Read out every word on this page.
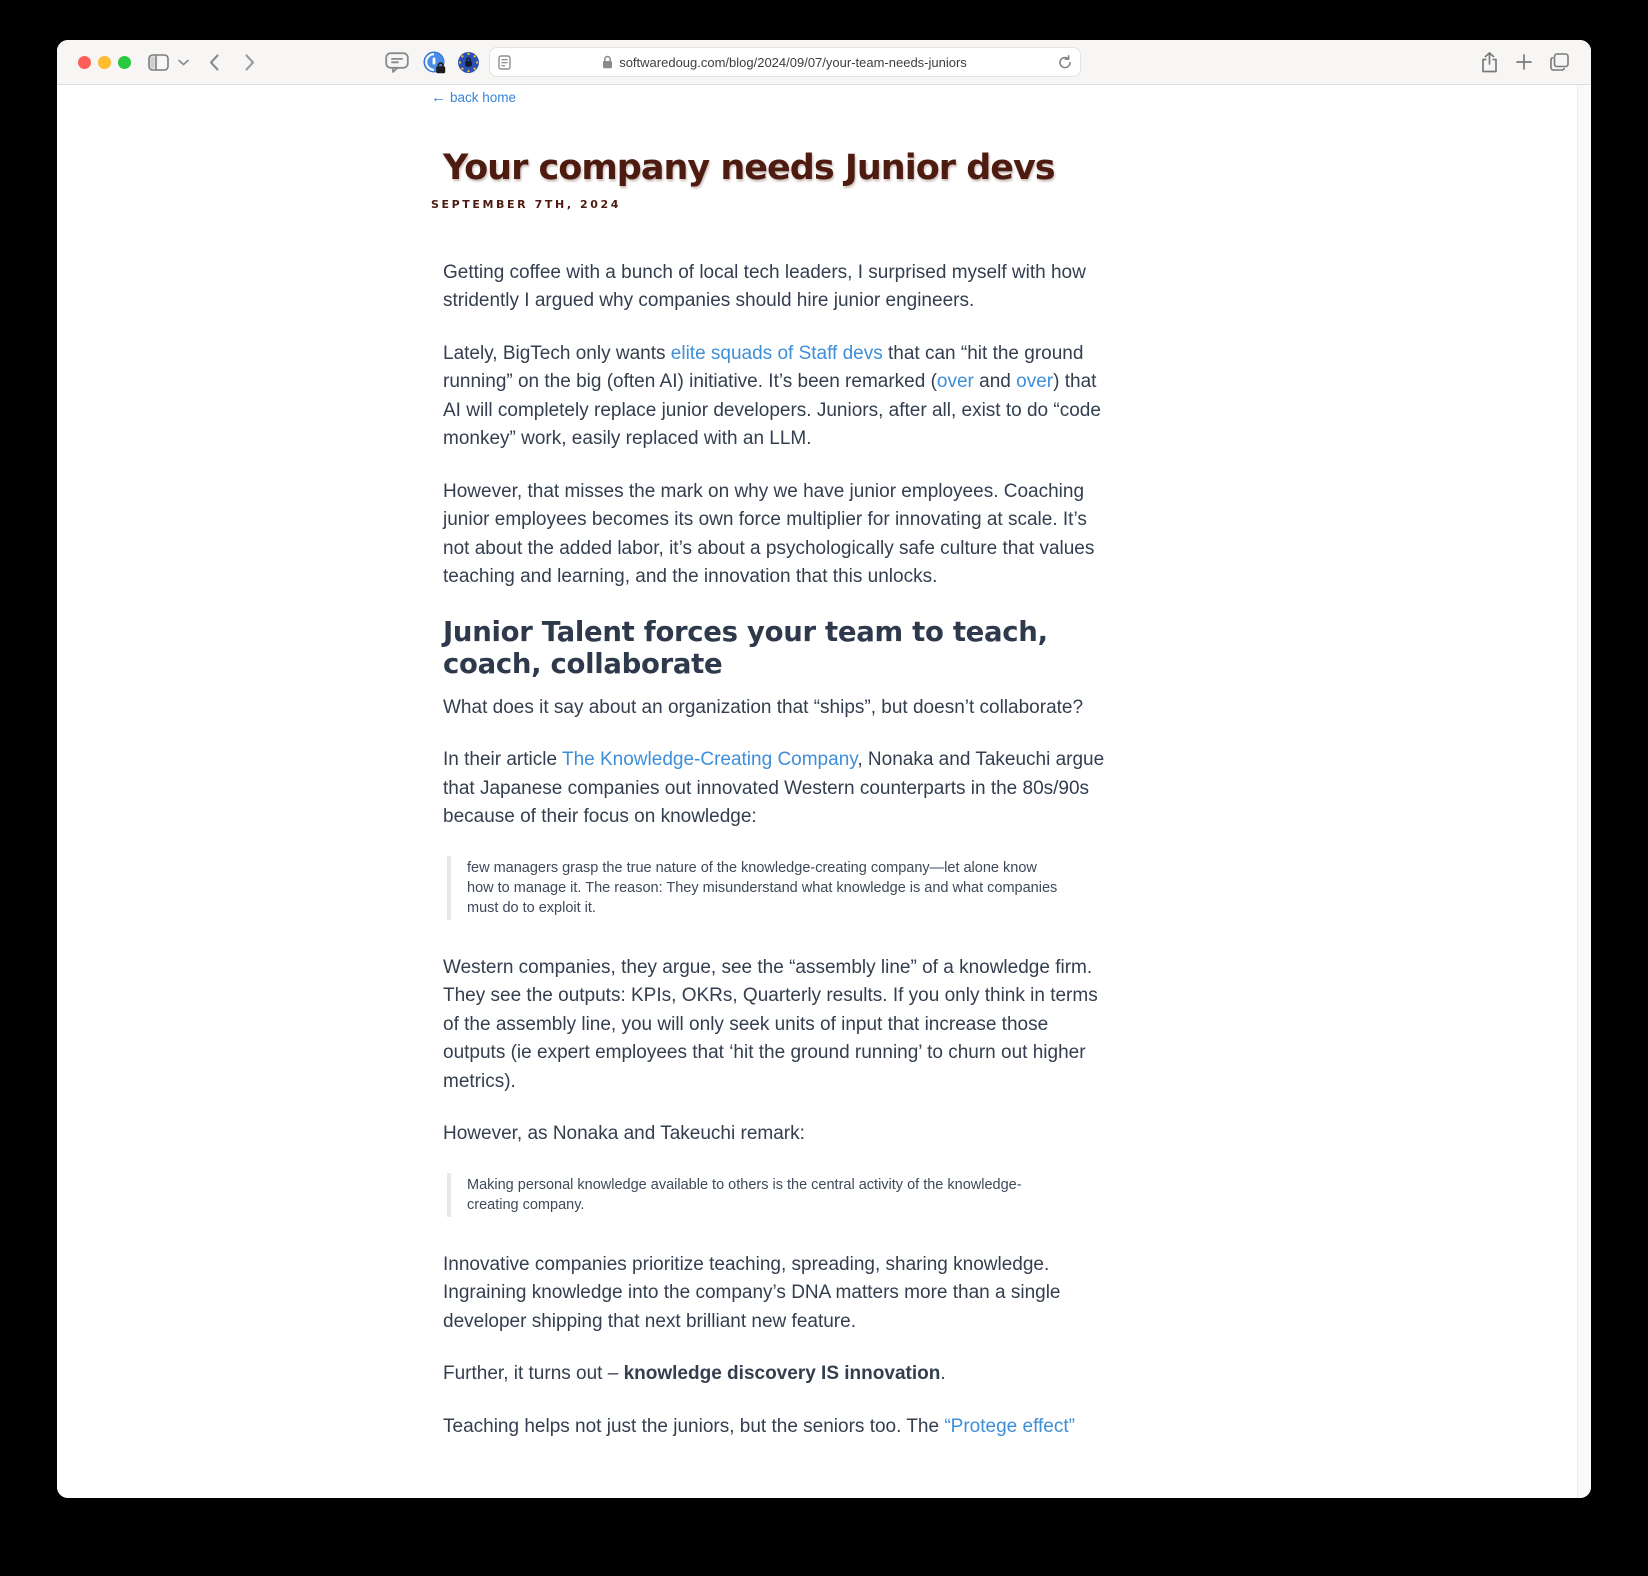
softwaredoug.com/blog/2024/09/07/your-team-needs-juniors
← back home
Your company needs Junior devs
SEPTEMBER 7TH, 2024

Getting coffee with a bunch of local tech leaders, I surprised myself with how stridently I argued why companies should hire junior engineers.

Lately, BigTech only wants elite squads of Staff devs that can “hit the ground running” on the big (often AI) initiative. It’s been remarked (over and over) that AI will completely replace junior developers. Juniors, after all, exist to do “code monkey” work, easily replaced with an LLM.

However, that misses the mark on why we have junior employees. Coaching junior employees becomes its own force multiplier for innovating at scale. It’s not about the added labor, it’s about a psychologically safe culture that values teaching and learning, and the innovation that this unlocks.

Junior Talent forces your team to teach, coach, collaborate

What does it say about an organization that “ships”, but doesn’t collaborate?

In their article The Knowledge-Creating Company, Nonaka and Takeuchi argue that Japanese companies out innovated Western counterparts in the 80s/90s because of their focus on knowledge:

few managers grasp the true nature of the knowledge-creating company—let alone know how to manage it. The reason: They misunderstand what knowledge is and what companies must do to exploit it.

Western companies, they argue, see the “assembly line” of a knowledge firm. They see the outputs: KPIs, OKRs, Quarterly results. If you only think in terms of the assembly line, you will only seek units of input that increase those outputs (ie expert employees that ‘hit the ground running’ to churn out higher metrics).

However, as Nonaka and Takeuchi remark:

Making personal knowledge available to others is the central activity of the knowledge-creating company.

Innovative companies prioritize teaching, spreading, sharing knowledge. Ingraining knowledge into the company’s DNA matters more than a single developer shipping that next brilliant new feature.

Further, it turns out – knowledge discovery IS innovation.

Teaching helps not just the juniors, but the seniors too. The “Protege effect”
